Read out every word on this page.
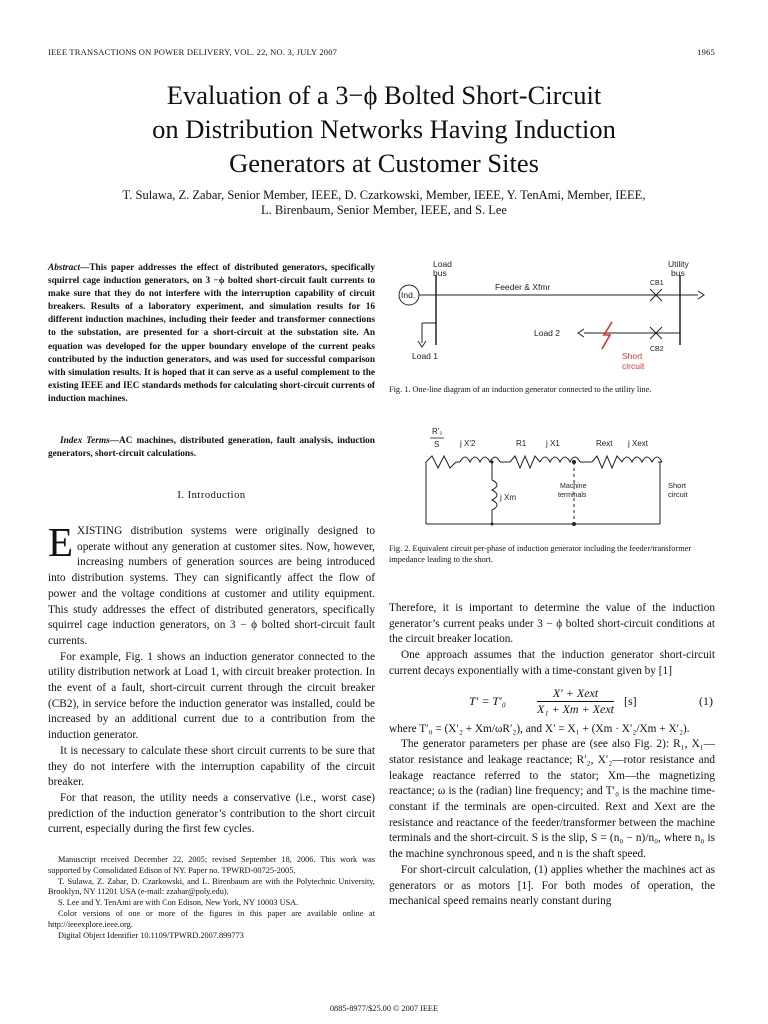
IEEE TRANSACTIONS ON POWER DELIVERY, VOL. 22, NO. 3, JULY 2007	1965
Evaluation of a 3−ϕ Bolted Short-Circuit
on Distribution Networks Having Induction
Generators at Customer Sites
T. Sulawa, Z. Zabar, Senior Member, IEEE, D. Czarkowski, Member, IEEE, Y. TenAmi, Member, IEEE,
L. Birenbaum, Senior Member, IEEE, and S. Lee

Abstract—This paper addresses the effect of distributed generators, specifically squirrel cage induction generators, on 3 −ϕ bolted short-circuit fault currents to make sure that they do not interfere with the interruption capability of circuit breakers. Results of a laboratory experiment, and simulation results for 16 different induction machines, including their feeder and transformer connections to the substation, are presented for a short-circuit at the substation site. An equation was developed for the upper boundary envelope of the current peaks contributed by the induction generators, and was used for successful comparison with simulation results. It is hoped that it can serve as a useful complement to the existing IEEE and IEC standards methods for calculating short-circuit currents of induction machines.

Index Terms—AC machines, distributed generation, fault analysis, induction generators, short-circuit calculations.

I. Introduction

EXISTING distribution systems were originally designed to operate without any generation at customer sites. Now, however, increasing numbers of generation sources are being introduced into distribution systems. They can significantly affect the flow of power and the voltage conditions at customer and utility equipment. This study addresses the effect of distributed generators, specifically squirrel cage induction generators, on 3 − ϕ bolted short-circuit fault currents.

For example, Fig. 1 shows an induction generator connected to the utility distribution network at Load 1, with circuit breaker protection. In the event of a fault, short-circuit current through the circuit breaker (CB2), in service before the induction generator was installed, could be increased by an additional current due to a contribution from the induction generator.

It is necessary to calculate these short circuit currents to be sure that they do not interfere with the interruption capability of the circuit breaker.

For that reason, the utility needs a conservative (i.e., worst case) prediction of the induction generator’s contribution to the short circuit current, especially during the first few cycles.

Manuscript received December 22, 2005; revised September 18, 2006. This work was supported by Consolidated Edison of NY. Paper no. TPWRD-00725-2005.

T. Sulawa, Z. Zabar, D. Czarkowski, and L. Birenbaum are with the Polytechnic University, Brooklyn, NY 11201 USA (e-mail: zzabar@poly.edu).

S. Lee and Y. TenAmi are with Con Edison, New York, NY 10003 USA.

Color versions of one or more of the figures in this paper are available online at http://ieeexplore.ieee.org.

Digital Object Identifier 10.1109/TPWRD.2007.899773

Load
bus
Utility
bus
Ind.
Feeder & Xfmr	CB1
CB2
Load 2
Load 1	Short
circuit
Fig. 1. One-line diagram of an induction generator connected to the utility line.
R'₂
S	j X'2	R1 j X1	Rext j Xext
j Xm
Machine
terminals
Short
circuit
Fig. 2. Equivalent circuit per-phase of induction generator including the feeder/transformer impedance leading to the short.

Therefore, it is important to determine the value of the induction generator’s current peaks under 3 − ϕ bolted short-circuit conditions at the circuit breaker location.

One approach assumes that the induction generator short-circuit current decays exponentially with a time-constant given by [1]

T′ = T′₀
X′ + Xext
X₁ + Xm + Xext
[s]	(1)

where T′₀ = (X′₂ + Xm/ωR′₂), and X′ = X₁ + (Xm · X′₂/Xm + X′₂).

The generator parameters per phase are (see also Fig. 2): R₁, X₁—stator resistance and leakage reactance; R′₂, X′₂—rotor resistance and leakage reactance referred to the stator; Xm—the magnetizing reactance; ω is the (radian) line frequency; and T′₀ is the machine time-constant if the terminals are open-circuited. Rext and Xext are the resistance and reactance of the feeder/transformer between the machine terminals and the short-circuit. S is the slip, S = (n₀ − n)/n₀, where n₀ is the machine synchronous speed, and n is the shaft speed.

For short-circuit calculation, (1) applies whether the machines act as generators or as motors [1]. For both modes of operation, the mechanical speed remains nearly constant during

0885-8977/$25.00 © 2007 IEEE
